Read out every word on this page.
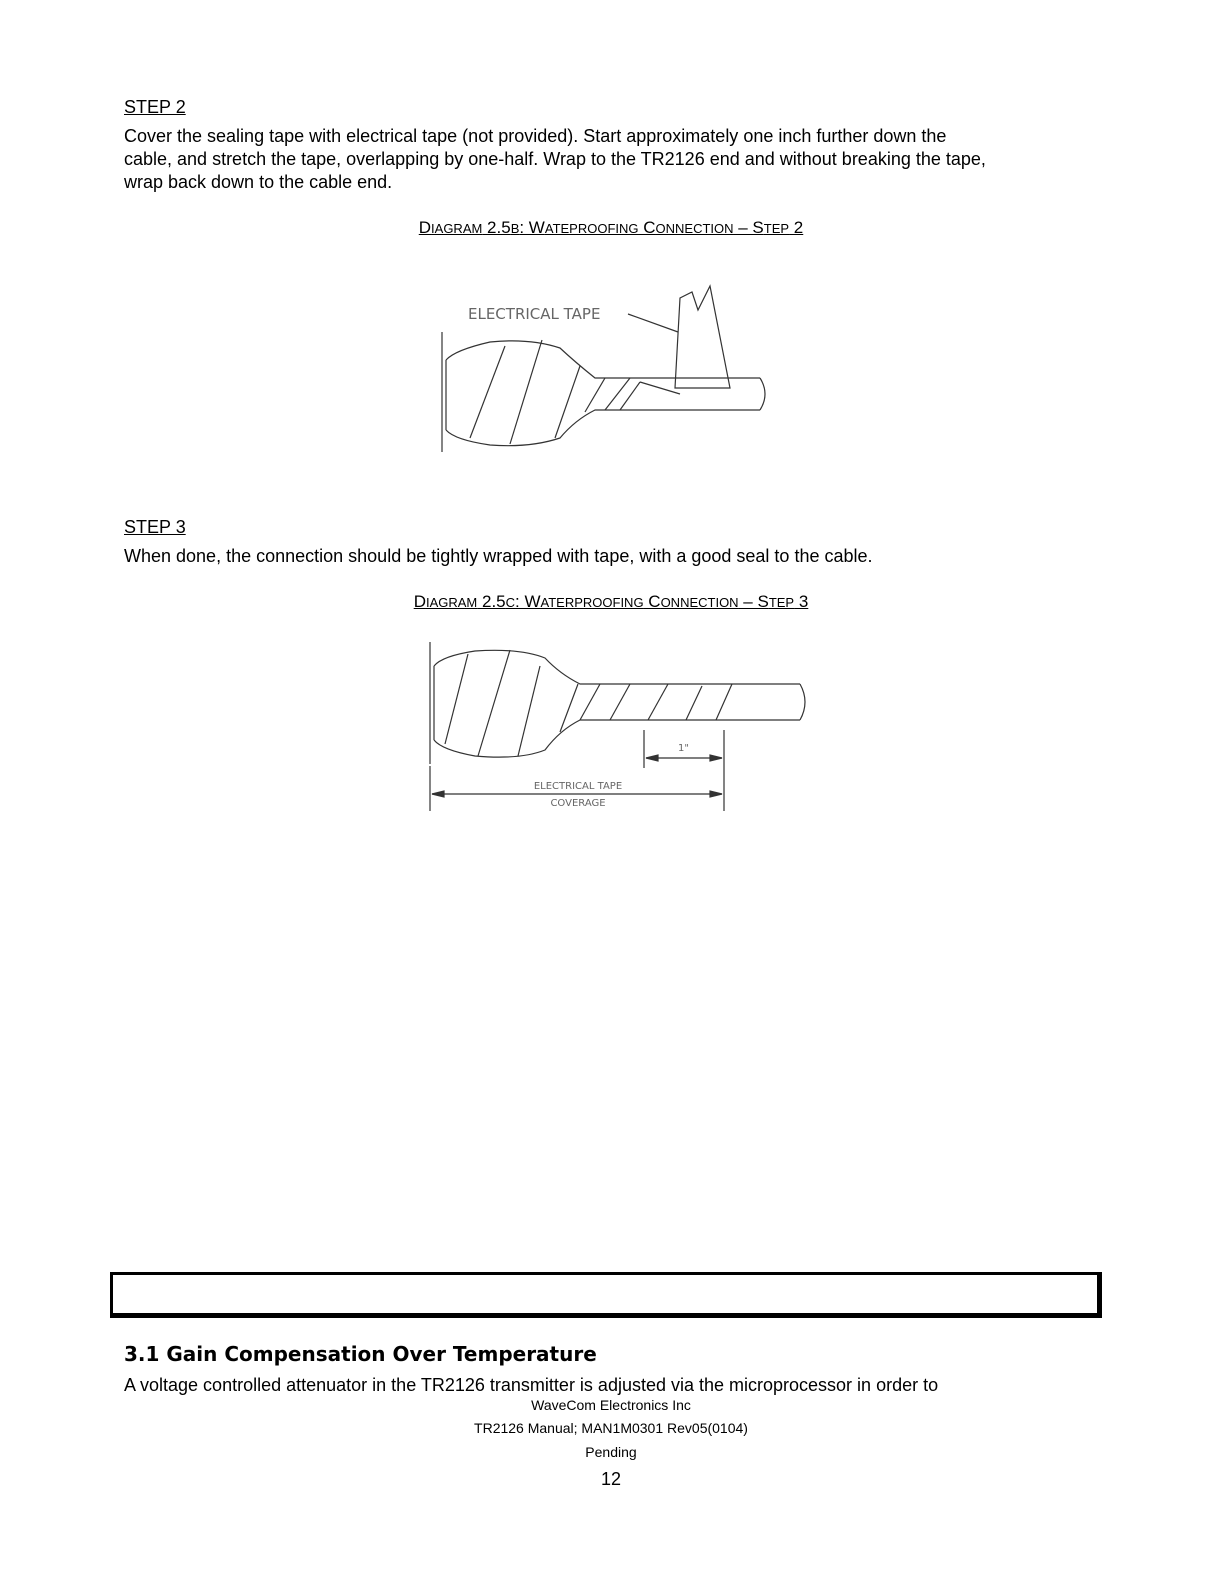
STEP 2
Cover the sealing tape with electrical tape (not provided). Start approximately one inch further down the
cable, and stretch the tape, overlapping by one-half. Wrap to the TR2126 end and without breaking the tape,
wrap back down to the cable end.
DIAGRAM 2.5B: WATEPROOFING CONNECTION – STEP 2
ELECTRICAL TAPE
STEP 3
When done, the connection should be tightly wrapped with tape, with a good seal to the cable.
DIAGRAM 2.5C: WATERPROOFING CONNECTION – STEP 3
1"
ELECTRICAL TAPE
COVERAGE
3.1 Gain Compensation Over Temperature
A voltage controlled attenuator in the TR2126 transmitter is adjusted via the microprocessor in order to
WaveCom Electronics Inc
TR2126 Manual; MAN1M0301 Rev05(0104)
Pending
12
